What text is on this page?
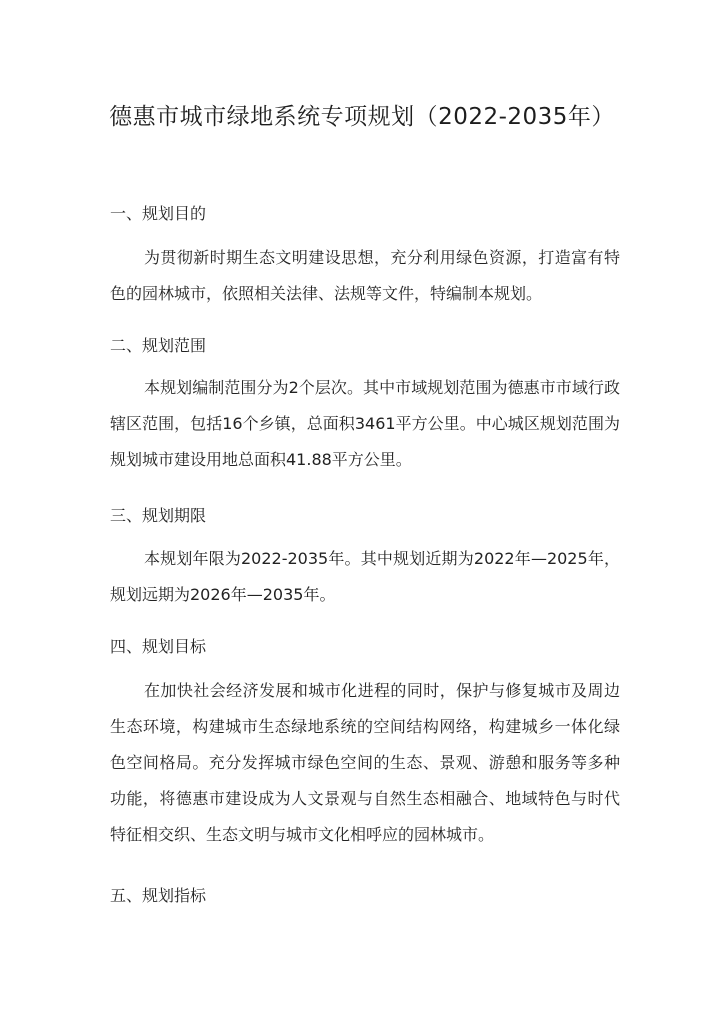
德惠市城市绿地系统专项规划（2022-2035年）
一、规划目的
为贯彻新时期生态文明建设思想，充分利用绿色资源，打造富有特色的园林城市，依照相关法律、法规等文件，特编制本规划。
二、规划范围
本规划编制范围分为2个层次。其中市域规划范围为德惠市市域行政辖区范围，包括16个乡镇，总面积3461平方公里。中心城区规划范围为规划城市建设用地总面积41.88平方公里。
三、规划期限
本规划年限为2022-2035年。其中规划近期为2022年—2025年，规划远期为2026年—2035年。
四、规划目标
在加快社会经济发展和城市化进程的同时，保护与修复城市及周边生态环境，构建城市生态绿地系统的空间结构网络，构建城乡一体化绿色空间格局。充分发挥城市绿色空间的生态、景观、游憩和服务等多种功能，将德惠市建设成为人文景观与自然生态相融合、地域特色与时代特征相交织、生态文明与城市文化相呼应的园林城市。
五、规划指标
